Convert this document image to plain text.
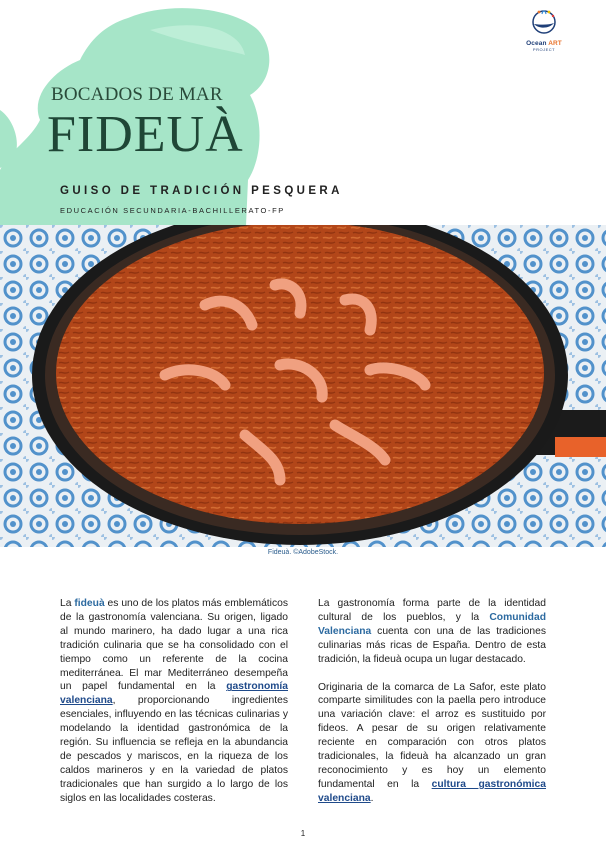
Ocean ART
PROJECT
BOCADOS DE MAR
FIDEUÀ
GUISO DE TRADICIÓN PESQUERA
EDUCACIÓN SECUNDARIA-BACHILLERATO-FP
Fideuà. ©AdobeStock.

La fideuà es uno de los platos más emblemáticos de la gastronomía valenciana. Su origen, ligado al mundo marinero, ha dado lugar a una rica tradición culinaria que se ha consolidado con el tiempo como un referente de la cocina mediterránea. El mar Mediterráneo desempeña un papel fundamental en la gastronomía valenciana, proporcionando ingredientes esenciales, influyendo en las técnicas culinarias y modelando la identidad gastronómica de la región. Su influencia se refleja en la abundancia de pescados y mariscos, en la riqueza de los caldos marineros y en la variedad de platos tradicionales que han surgido a lo largo de los siglos en las localidades costeras.

La gastronomía forma parte de la identidad cultural de los pueblos, y la Comunidad Valenciana cuenta con una de las tradiciones culinarias más ricas de España. Dentro de esta tradición, la fideuà ocupa un lugar destacado.

Originaria de la comarca de La Safor, este plato comparte similitudes con la paella pero introduce una variación clave: el arroz es sustituido por fideos. A pesar de su origen relativamente reciente en comparación con otros platos tradicionales, la fideuà ha alcanzado un gran reconocimiento y es hoy un elemento fundamental en la cultura gastronómica valenciana.

1
